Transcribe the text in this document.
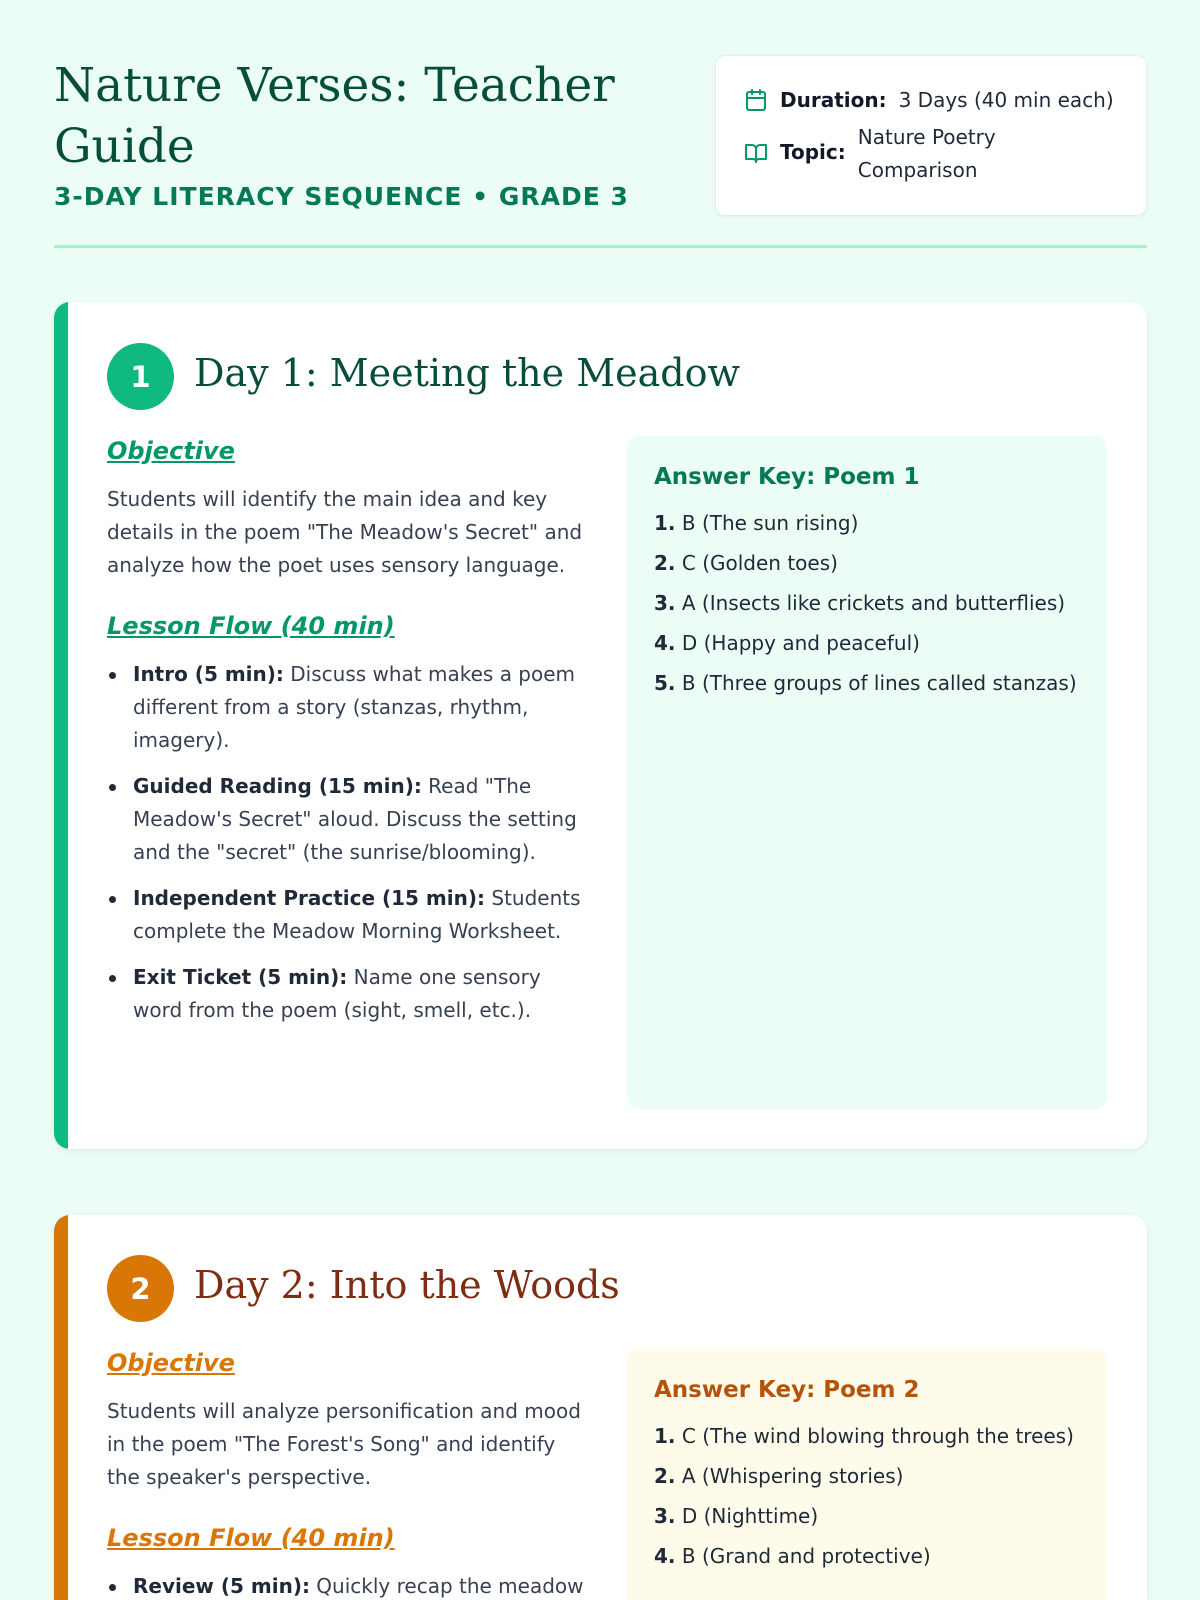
Nature Verses: Teacher Guide
3-DAY LITERACY SEQUENCE • GRADE 3
Duration: 3 Days (40 min each)
Topic:
Nature Poetry Comparison
1	Day 1: Meeting the Meadow
Objective

Students will identify the main idea and key details in the poem "The Meadow's Secret" and analyze how the poet uses sensory language.

Lesson Flow (40 min)
Intro (5 min): Discuss what makes a poem different from a story (stanzas, rhythm, imagery).
Guided Reading (15 min): Read "The Meadow's Secret" aloud. Discuss the setting and the "secret" (the sunrise/blooming).
Independent Practice (15 min): Students complete the Meadow Morning Worksheet.
Exit Ticket (5 min): Name one sensory word from the poem (sight, smell, etc.).
Answer Key: Poem 1
1. B (The sun rising)
2. C (Golden toes)
3. A (Insects like crickets and butterflies)
4. D (Happy and peaceful)
5. B (Three groups of lines called stanzas)
2	Day 2: Into the Woods
Objective

Students will analyze personification and mood in the poem "The Forest's Song" and identify the speaker's perspective.

Lesson Flow (40 min)
Review (5 min): Quickly recap the meadow
Answer Key: Poem 2
1. C (The wind blowing through the trees)
2. A (Whispering stories)
3. D (Nighttime)
4. B (Grand and protective)
